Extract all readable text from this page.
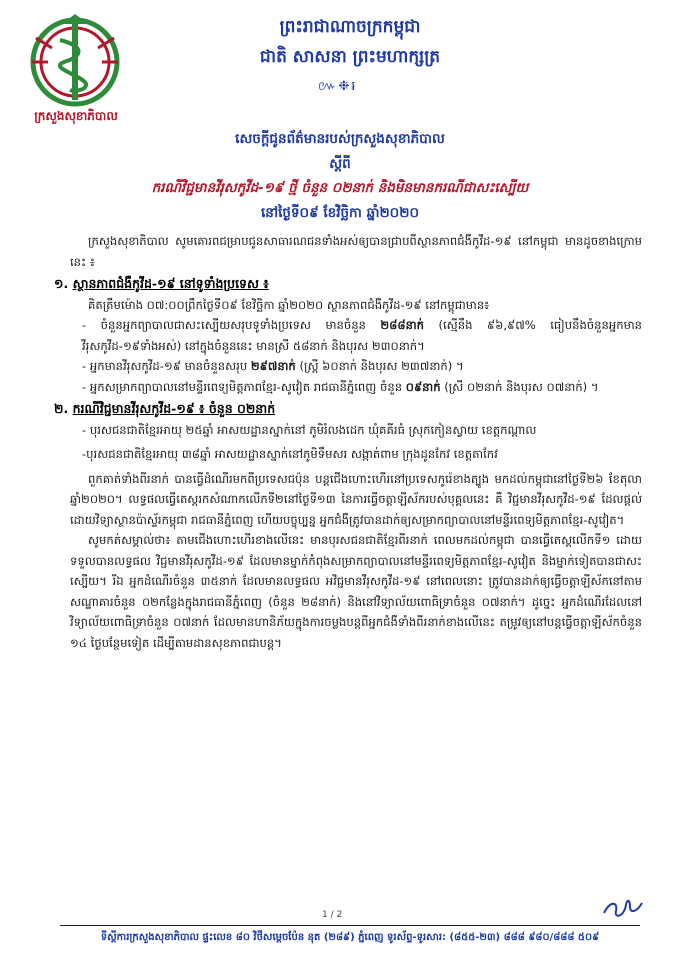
ក្រសួងសុខាភិបាល
ព្រះរាជាណាចក្រកម្ពុជា
ជាតិ សាសនា ព្រះមហាក្សត្រ
៚❉៛
សេចក្តីជូនព័ត៌មានរបស់ក្រសួងសុខាភិបាល
ស្តីពី
ករណីវិជ្ជមានវីរុសកូវីដ-១៩ ថ្មី ចំនួន ០២នាក់ និងមិនមានករណីជាសះស្បើយ
នៅថ្ងៃទី០៩ ខែវិច្ឆិកា ឆ្នាំ២០២០

ក្រសួងសុខាភិបាល សូមគោរពជម្រាបជូនសាធារណជនទាំងអស់ឲ្យបានជ្រាបពីស្ថានភាពជំងឺកូវីដ-១៩ នៅកម្ពុជា មានដូចខាងក្រោមនេះ ៖

១. ស្ថានភាពជំងឺកូវីដ-១៩ នៅទូទាំងប្រទេស ៖

គិតត្រឹមម៉ោង ០៧:០០ព្រឹកថ្ងៃទី០៩ ខែវិច្ឆិកា ឆ្នាំ២០២០ ស្ថានភាពជំងឺកូវីដ-១៩ នៅកម្ពុជាមាន៖

- ចំនួនអ្នកព្យាបាលជាសះស្បើយសរុបទូទាំងប្រទេស មានចំនួន ២៨៨នាក់ (ស្មើនឹង ៩៦,៩៧% ធៀបនឹងចំនួនអ្នកមានវីរុសកូវីដ-១៩ទាំងអស់) នៅក្នុងចំនួននេះ មានស្រី ៥៨នាក់ និងបុរស ២៣០នាក់។

- អ្នកមានវីរុសកូវីដ-១៩ មានចំនួនសរុប ២៩៧នាក់ (ស្ត្រី ៦០នាក់ និងបុរស ២៣៧នាក់) ។

- អ្នកសម្រាកព្យាបាលនៅមន្ទីរពេទ្យមិត្តភាពខ្មែរ-សូវៀត រាជធានីភ្នំពេញ ចំនួន ០៩នាក់ (ស្រី ០២នាក់ និងបុរស ០៧នាក់) ។

២. ករណីវិជ្ជមានវីរុសកូវីដ-១៩ ៖ ចំនួន ០២នាក់

- បុរសជនជាតិខ្មែរអាយុ ២៥ឆ្នាំ អាសយដ្ឋានស្នាក់នៅ ភូមិរំលងដេក ឃុំគគីរធំ ស្រុកកៀនស្វាយ ខេត្តកណ្តាល

-បុរសជនជាតិខ្មែរអាយុ ៣៨ឆ្នាំ អាសយដ្ឋានស្នាក់នៅភូមិទឹមសរ សង្កាត់ពាម ក្រុងដូនកែវ ខេត្តតាកែវ

ពួកគាត់ទាំងពីរនាក់ បានធ្វើដំណើរមកពីប្រទេសជប៉ុន បន្តជើងហោះហើរនៅប្រទេសកូរ៉េខាងត្បូង មកដល់កម្ពុជានៅថ្ងៃទី២៦ ខែតុលា ឆ្នាំ២០២០។ លទ្ធផលធ្វើតេស្តរកសំណាកលើកទី២នៅថ្ងៃទី១៣ នៃការធ្វើចត្តាឡីស័ករបស់បុគ្គលនេះ គឺ វិជ្ជមានវីរុសកូវីដ-១៩ ដែលផ្តល់ដោយវិទ្យាស្ថានប៉ាស្ទ័រកម្ពុជា រាជធានីភ្នំពេញ ហើយបច្ចុប្បន្ន អ្នកជំងឺត្រូវបានដាក់ឲ្យសម្រាកព្យាបាលនៅមន្ទីរពេទ្យមិត្តភាពខ្មែរ-សូវៀត។

សូមកត់សម្គាល់ថា៖ តាមជើងហោះហើរខាងលើនេះ មានបុរសជនជាតិខ្មែរពីរនាក់ ពេលមកដល់កម្ពុជា បានធ្វើតេស្តលើកទី១ ដោយទទួលបានលទ្ធផល វិជ្ជមានវីរុសកូវីដ-១៩ ដែលមានម្នាក់កំពុងសម្រាកព្យាបាលនៅមន្ទីរពេទ្យមិត្តភាពខ្មែរ-សូវៀត និងម្នាក់ទៀតបានជាសះស្បើយ។ រីឯ អ្នកដំណើរចំនួន ៣៥នាក់ ដែលមានលទ្ធផល អវិជ្ជមានវីរុសកូវីដ-១៩ នៅពេលនោះ ត្រូវបានដាក់ឲ្យធ្វើចត្តាឡីស័កនៅតាមសណ្ឋាគារចំនួន ០២កន្លែងក្នុងរាជធានីភ្នំពេញ (ចំនួន ២៨នាក់) និងនៅវិទ្យាល័យពោធិទ្រាចំនួន ០៧នាក់។ ដូច្នេះ អ្នកដំណើរដែលនៅវិទ្យាល័យពោធិទ្រាចំនួន ០៧នាក់ ដែលមានហានិភ័យក្នុងការចម្លងបន្តពីអ្នកជំងឺទាំងពីរនាក់ខាងលើនេះ តម្រូវឲ្យនៅបន្តធ្វើចត្តាឡីស័កចំនួន ១៤ ថ្ងៃបន្ថែមទៀត ដើម្បីតាមដានសុខភាពជាបន្ត។

1 / 2
ទីស្តីការក្រសួងសុខាភិបាល ផ្ទះលេខ ៨០ វិថីសម្តេចប៉ែន នុត (២៨៩) ភ្នំពេញ ទូរស័ព្ទ-ទូរសារ: (៨៥៥-២៣) ៨៨៨ ៩៨០/៨៨៨ ៥០៩
